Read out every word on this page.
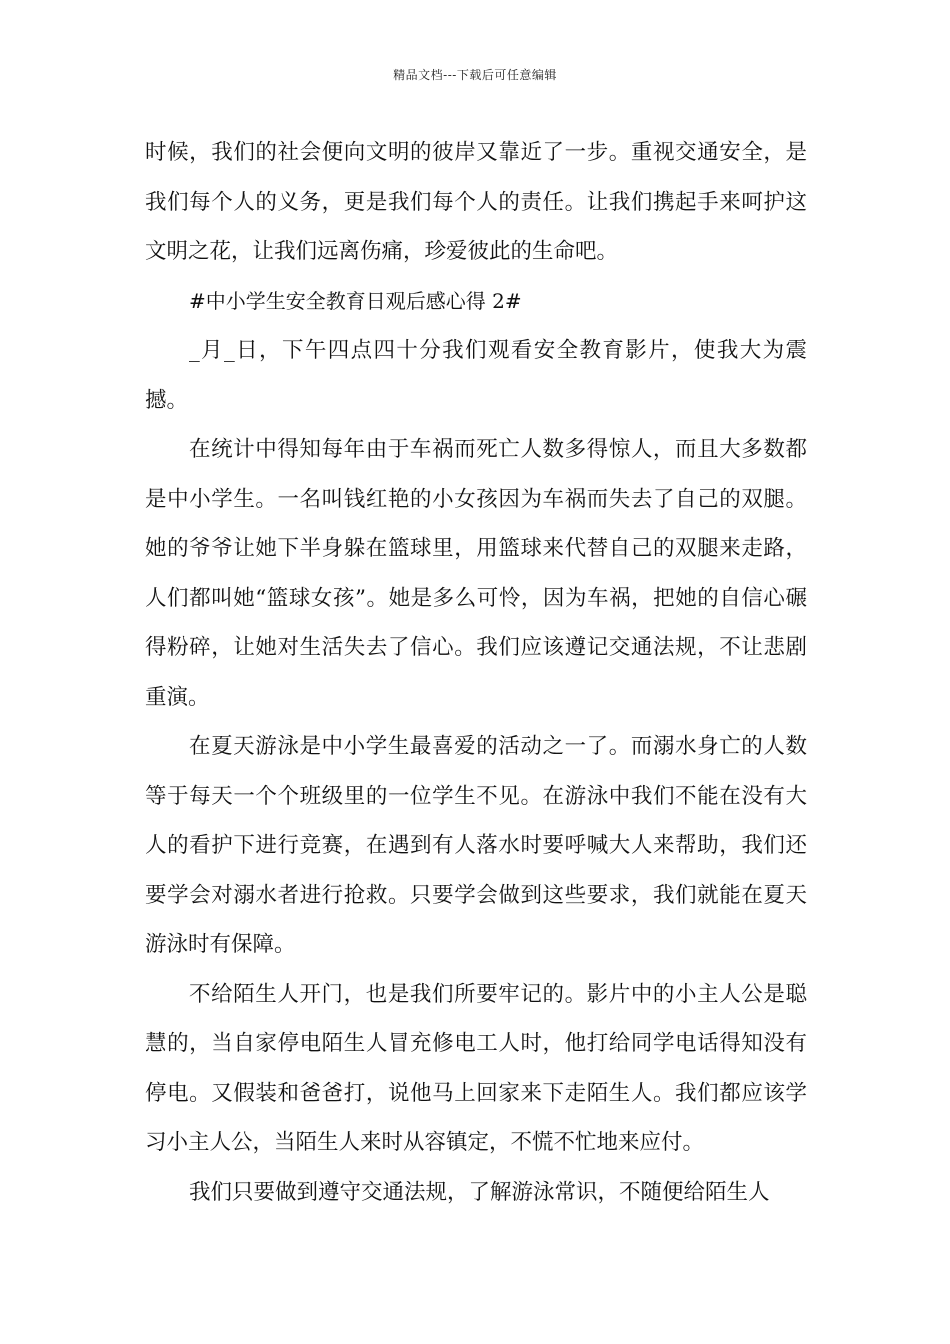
精品文档---下载后可任意编辑

时候，我们的社会便向文明的彼岸又靠近了一步。重视交通安全，是我们每个人的义务，更是我们每个人的责任。让我们携起手来呵护这文明之花，让我们远离伤痛，珍爱彼此的生命吧。

#中小学生安全教育日观后感心得 2#

_月_日，下午四点四十分我们观看安全教育影片，使我大为震撼。

在统计中得知每年由于车祸而死亡人数多得惊人，而且大多数都是中小学生。一名叫钱红艳的小女孩因为车祸而失去了自己的双腿。她的爷爷让她下半身躲在篮球里，用篮球来代替自己的双腿来走路，人们都叫她“篮球女孩”。她是多么可怜，因为车祸，把她的自信心碾得粉碎，让她对生活失去了信心。我们应该遵记交通法规，不让悲剧重演。

在夏天游泳是中小学生最喜爱的活动之一了。而溺水身亡的人数等于每天一个个班级里的一位学生不见。在游泳中我们不能在没有大人的看护下进行竞赛，在遇到有人落水时要呼喊大人来帮助，我们还要学会对溺水者进行抢救。只要学会做到这些要求，我们就能在夏天游泳时有保障。

不给陌生人开门，也是我们所要牢记的。影片中的小主人公是聪慧的，当自家停电陌生人冒充修电工人时，他打给同学电话得知没有停电。又假装和爸爸打，说他马上回家来下走陌生人。我们都应该学习小主人公，当陌生人来时从容镇定，不慌不忙地来应付。

我们只要做到遵守交通法规，了解游泳常识，不随便给陌生人
